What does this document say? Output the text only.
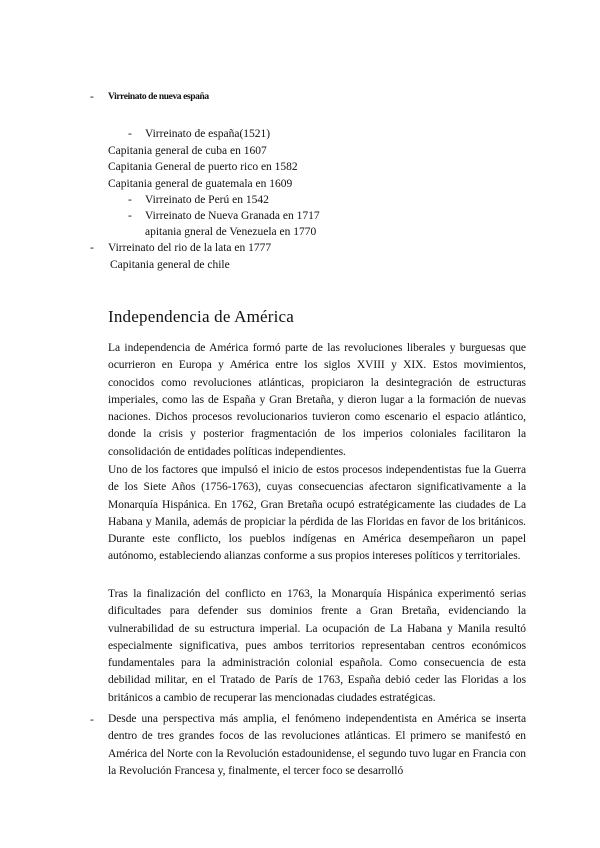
- Virreinato de nueva españa
- Virreinato de españa(1521)
Capitania general de cuba en 1607
Capitania General de puerto rico en 1582
Capitania general de guatemala en 1609
- Virreinato de Perú en 1542
- Virreinato de Nueva Granada en 1717
apitania gneral de Venezuela en 1770
- Virreinato del rio de la lata en 1777
Capitania general de chile
Independencia de América

La independencia de América formó parte de las revoluciones liberales y burguesas que ocurrieron en Europa y América entre los siglos XVIII y XIX. Estos movimientos, conocidos como revoluciones atlánticas, propiciaron la desintegración de estructuras imperiales, como las de España y Gran Bretaña, y dieron lugar a la formación de nuevas naciones. Dichos procesos revolucionarios tuvieron como escenario el espacio atlántico, donde la crisis y posterior fragmentación de los imperios coloniales facilitaron la consolidación de entidades políticas independientes.

Uno de los factores que impulsó el inicio de estos procesos independentistas fue la Guerra de los Siete Años (1756-1763), cuyas consecuencias afectaron significativamente a la Monarquía Hispánica. En 1762, Gran Bretaña ocupó estratégicamente las ciudades de La Habana y Manila, además de propiciar la pérdida de las Floridas en favor de los británicos. Durante este conflicto, los pueblos indígenas en América desempeñaron un papel autónomo, estableciendo alianzas conforme a sus propios intereses políticos y territoriales.

Tras la finalización del conflicto en 1763, la Monarquía Hispánica experimentó serias dificultades para defender sus dominios frente a Gran Bretaña, evidenciando la vulnerabilidad de su estructura imperial. La ocupación de La Habana y Manila resultó especialmente significativa, pues ambos territorios representaban centros económicos fundamentales para la administración colonial española. Como consecuencia de esta debilidad militar, en el Tratado de París de 1763, España debió ceder las Floridas a los británicos a cambio de recuperar las mencionadas ciudades estratégicas.

- Desde una perspectiva más amplia, el fenómeno independentista en América se inserta dentro de tres grandes focos de las revoluciones atlánticas. El primero se manifestó en América del Norte con la Revolución estadounidense, el segundo tuvo lugar en Francia con la Revolución Francesa y, finalmente, el tercer foco se desarrolló
